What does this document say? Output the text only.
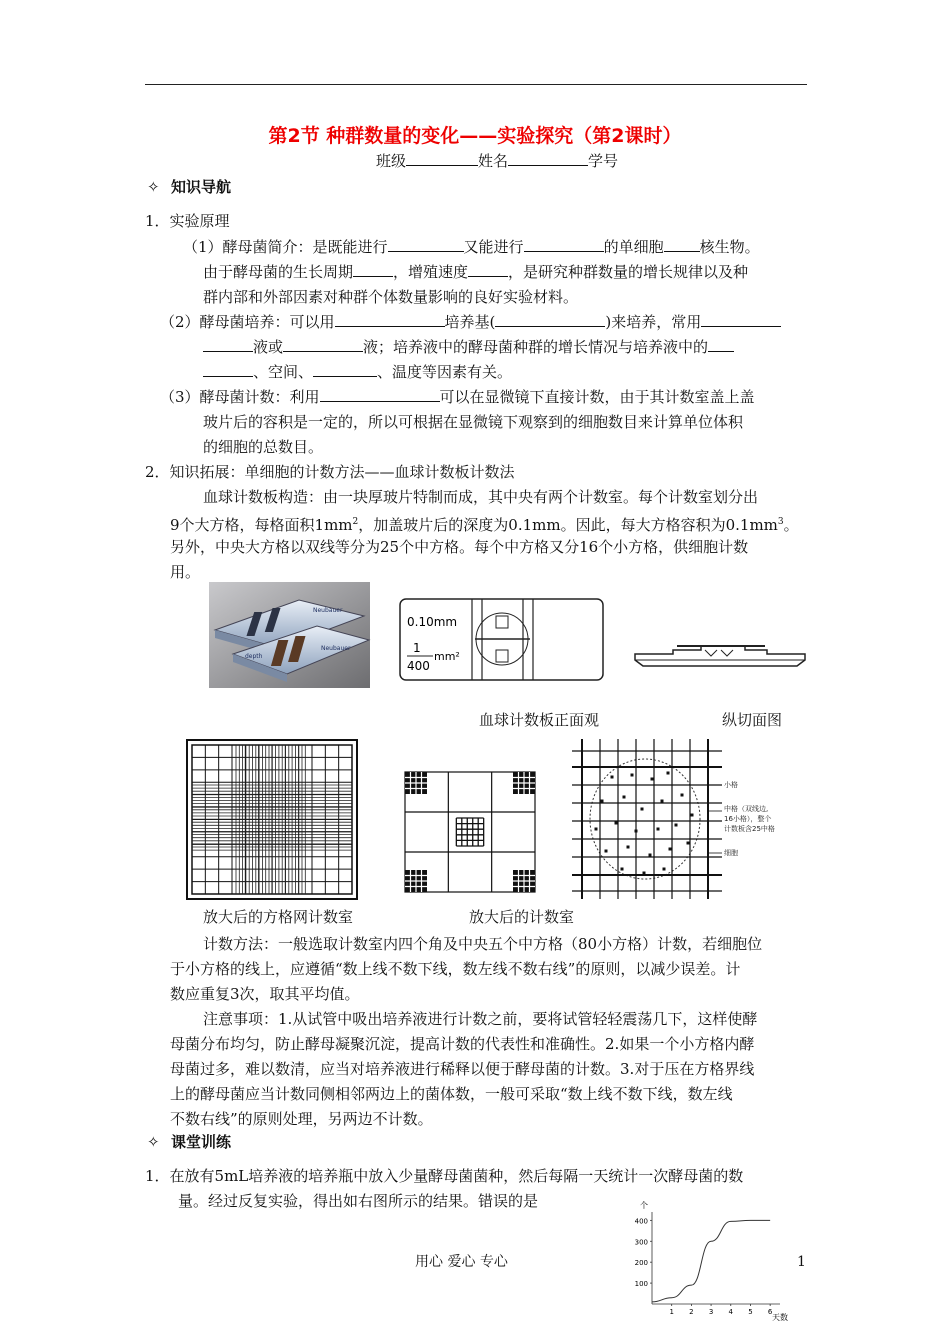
第2节 种群数量的变化——实验探究（第2课时）
班级	姓名	学号
✧ 知识导航
1．实验原理
（1）酵母菌简介：是既能进行	又能进行	的单细胞 核生物。
由于酵母菌的生长周期	，增殖速度	，是研究种群数量的增长规律以及种
群内部和外部因素对种群个体数量影响的良好实验材料。
（2）酵母菌培养：可以用	培养基(	)来培养，常用
液或	液；培养液中的酵母菌种群的增长情况与培养液中的
、空间、	、温度等因素有关。
（3）酵母菌计数：利用	可以在显微镜下直接计数，由于其计数室盖上盖
玻片后的容积是一定的，所以可根据在显微镜下观察到的细胞数目来计算单位体积
的细胞的总数目。
2．知识拓展：单细胞的计数方法——血球计数板计数法
血球计数板构造：由一块厚玻片特制而成，其中央有两个计数室。每个计数室划分出
9个大方格，每格面积$1mm^2$，加盖玻片后的深度为0.1mm。因此，每大方格容积为$0.1mm^3$。
另外，中央大方格以双线等分为25个中方格。每个中方格又分16个小方格，供细胞计数
用。
Neubauer
Neubauer
depth
0.10mm
1
400
mm²
血球计数板正面观	纵切面图
小格
中格（双线边,
16小格），整个
计数板含25中格
细胞
放大后的方格网计数室	放大后的计数室
计数方法：一般选取计数室内四个角及中央五个中方格（80小方格）计数，若细胞位
于小方格的线上，应遵循“数上线不数下线，数左线不数右线”的原则，以减少误差。计
数应重复3次，取其平均值。
注意事项：1.从试管中吸出培养液进行计数之前，要将试管轻轻震荡几下，这样使酵
母菌分布均匀，防止酵母凝聚沉淀，提高计数的代表性和准确性。2.如果一个小方格内酵
母菌过多，难以数清，应当对培养液进行稀释以便于酵母菌的计数。3.对于压在方格界线
上的酵母菌应当计数同侧相邻两边上的菌体数，一般可采取“数上线不数下线，数左线
不数右线”的原则处理，另两边不计数。
✧ 课堂训练
1．在放有5mL培养液的培养瓶中放入少量酵母菌菌种，然后每隔一天统计一次酵母菌的数
量。经过反复实验，得出如右图所示的结果。错误的是
用心 爱心 专心	1
个
天数
100
200
300
400
1 2 3 4 5 6
